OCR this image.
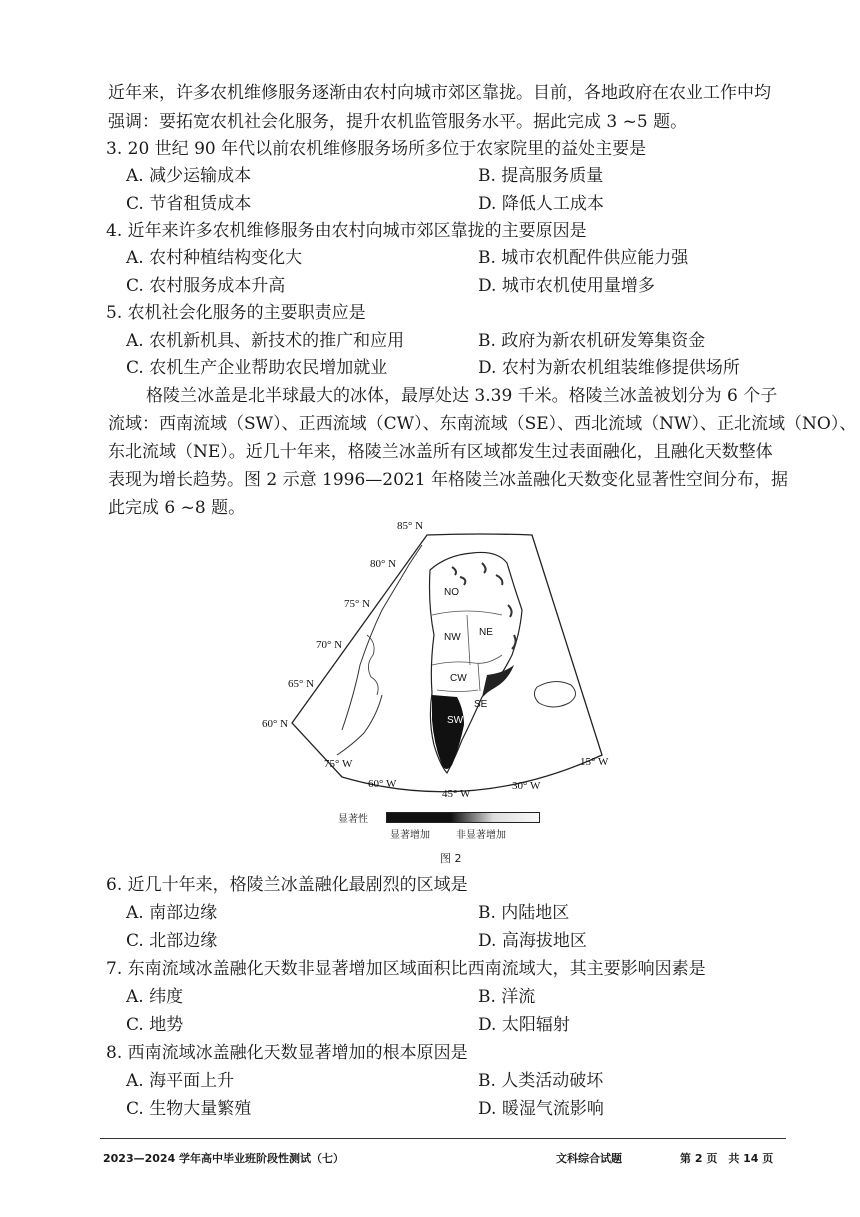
近年来，许多农机维修服务逐渐由农村向城市郊区靠拢。目前，各地政府在农业工作中均
强调：要拓宽农机社会化服务，提升农机监管服务水平。据此完成 3 ~5 题。
3. 20 世纪 90 年代以前农机维修服务场所多位于农家院里的益处主要是
A. 减少运输成本	B. 提高服务质量
C. 节省租赁成本	D. 降低人工成本
4. 近年来许多农机维修服务由农村向城市郊区靠拢的主要原因是
A. 农村种植结构变化大	B. 城市农机配件供应能力强
C. 农村服务成本升高	D. 城市农机使用量增多
5. 农机社会化服务的主要职责应是
A. 农机新机具、新技术的推广和应用	B. 政府为新农机研发筹集资金
C. 农机生产企业帮助农民增加就业	D. 农村为新农机组装维修提供场所
格陵兰冰盖是北半球最大的冰体，最厚处达 3.39 千米。格陵兰冰盖被划分为 6 个子
流域：西南流域（SW）、正西流域（CW）、东南流域（SE）、西北流域（NW）、正北流域（NO）、
东北流域（NE）。近几十年来，格陵兰冰盖所有区域都发生过表面融化，且融化天数整体
表现为增长趋势。图 2 示意 1996—2021 年格陵兰冰盖融化天数变化显著性空间分布，据
此完成 6 ~8 题。
NO
NE
NW
CW
SE
SW
85° N
80° N
75° N
70° N
65° N
60° N
75° W
60° W
45° W
30° W
15° W
显著性
显著增加	非显著增加
图 2
6. 近几十年来，格陵兰冰盖融化最剧烈的区域是
A. 南部边缘	B. 内陆地区
C. 北部边缘	D. 高海拔地区
7. 东南流域冰盖融化天数非显著增加区域面积比西南流域大，其主要影响因素是
A. 纬度	B. 洋流
C. 地势	D. 太阳辐射
8. 西南流域冰盖融化天数显著增加的根本原因是
A. 海平面上升	B. 人类活动破坏
C. 生物大量繁殖	D. 暖湿气流影响
2023—2024 学年高中毕业班阶段性测试（七）	文科综合试题	第 2 页　共 14 页
